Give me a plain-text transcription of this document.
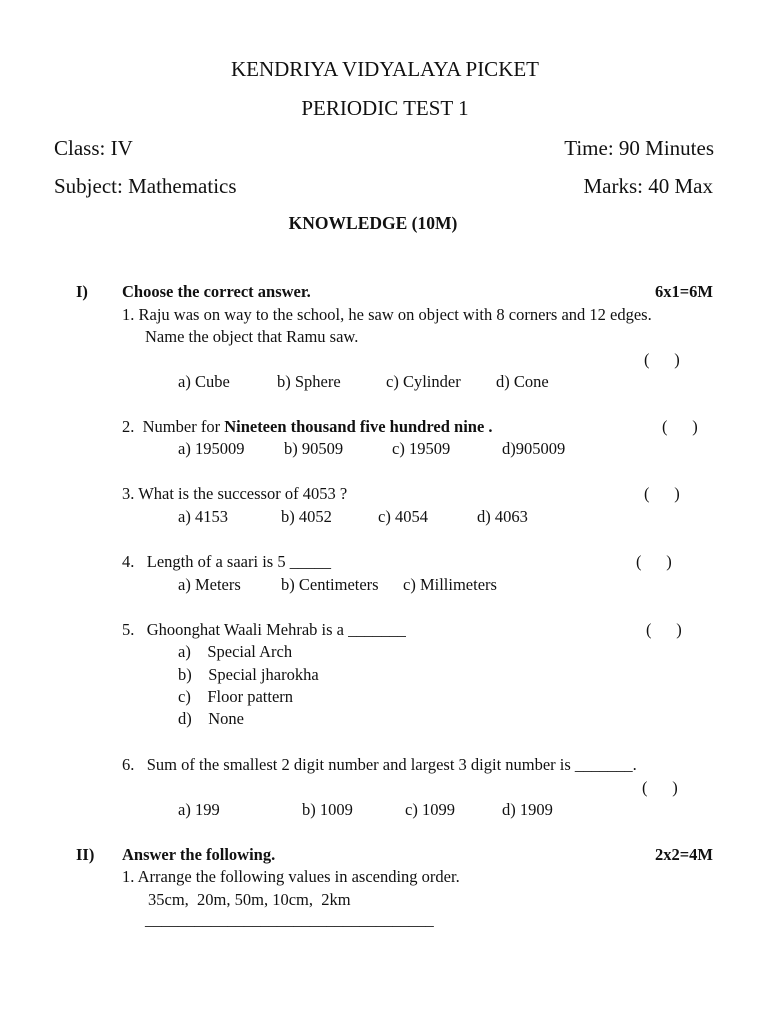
KENDRIYA VIDYALAYA PICKET
PERIODIC TEST 1
Class: IV	Time: 90 Minutes
Subject: Mathematics	Marks: 40 Max
KNOWLEDGE (10M)
I) Choose the correct answer.	6x1=6M
1. Raju was on way to the school, he saw on object with 8 corners and 12 edges.
Name the object that Ramu saw.
(      )
a) Cube	b) Sphere	c) Cylinder d) Cone
2.  Number for Nineteen thousand five hundred nine .	(      )
a) 195009 b) 90509	c) 19509	d)905009
3. What is the successor of 4053 ?	(      )
a) 4153	b) 4052	c) 4054	d) 4063
4.   Length of a saari is 5 _____	(      )
a) Meters b) Centimeters c) Millimeters
5.   Ghoonghat Waali Mehrab is a _______	(      )
a)    Special Arch
b)    Special jharokha
c)    Floor pattern
d)    None
6.   Sum of the smallest 2 digit number and largest 3 digit number is _______.
(      )
a) 199	b) 1009	c) 1099	d) 1909
II) Answer the following.	2x2=4M
1. Arrange the following values in ascending order.
35cm,  20m, 50m, 10cm,  2km
___________________________________
